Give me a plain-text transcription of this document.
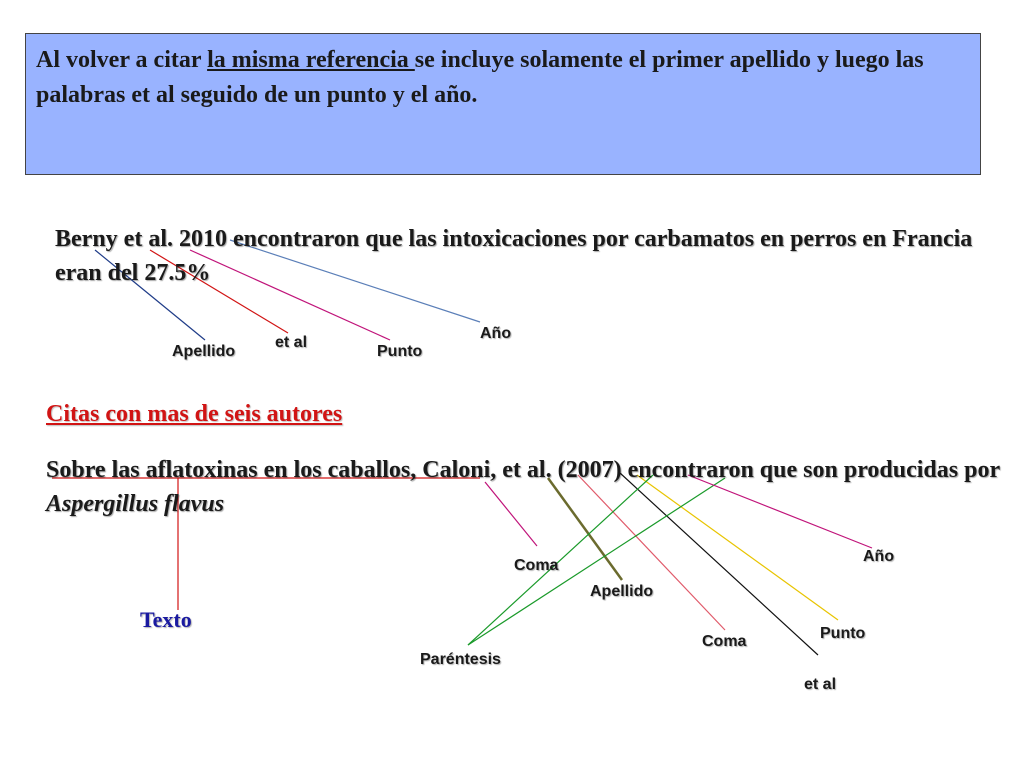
Al volver a citar la misma referencia se incluye solamente el primer apellido y luego las palabras et al seguido de un punto y el año.
Berny et al. 2010 encontraron que las intoxicaciones por carbamatos en perros en Francia eran del 27.5%
Apellido
et al
Punto
Año
Citas con mas de seis autores
Sobre las aflatoxinas en los caballos, Caloni, et al. (2007) encontraron que son producidas por Aspergillus flavus
Texto
Coma
Apellido
Coma	Punto
Año
Paréntesis
et al
